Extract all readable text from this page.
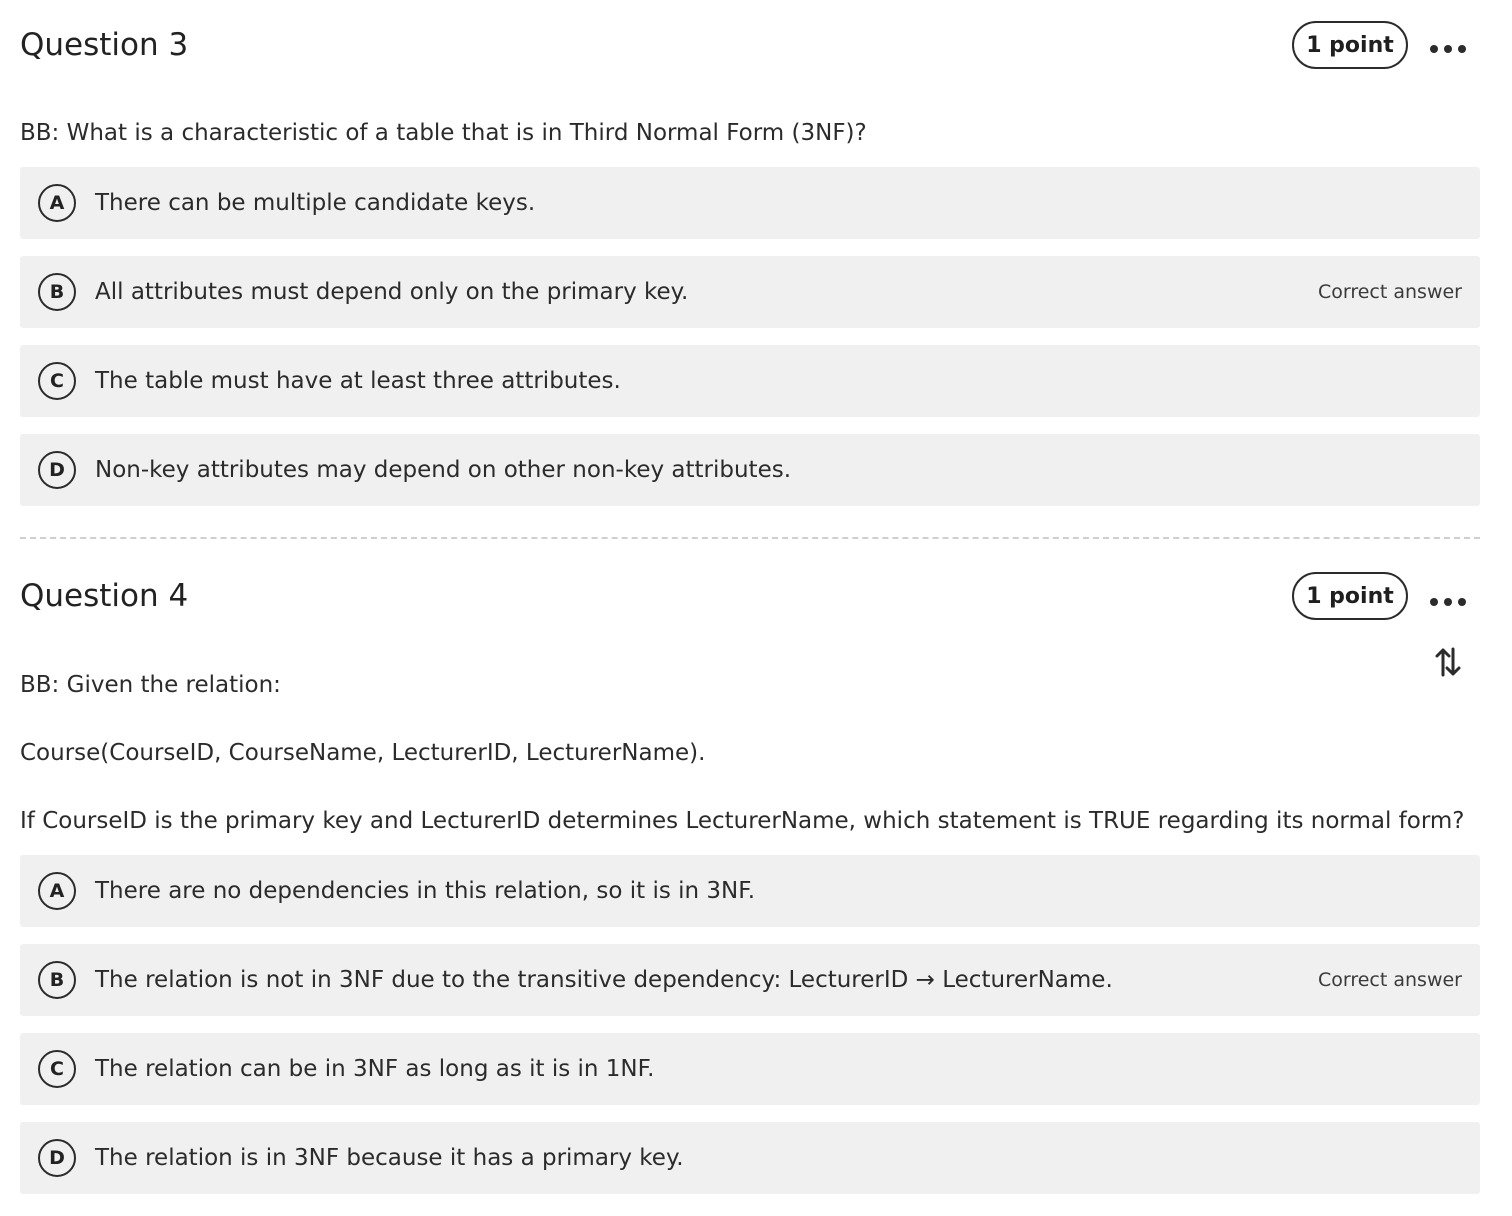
Question 3	1 point

BB: What is a characteristic of a table that is in Third Normal Form (3NF)?

A	There can be multiple candidate keys.
B	All attributes must depend only on the primary key.	Correct answer
C	The table must have at least three attributes.
D	Non-key attributes may depend on other non-key attributes.
Question 4	1 point

BB: Given the relation:

Course(CourseID, CourseName, LecturerID, LecturerName).

If CourseID is the primary key and LecturerID determines LecturerName, which statement is TRUE regarding its normal form?

A	There are no dependencies in this relation, so it is in 3NF.
B	The relation is not in 3NF due to the transitive dependency: LecturerID → LecturerName.	Correct answer
C	The relation can be in 3NF as long as it is in 1NF.
D	The relation is in 3NF because it has a primary key.
